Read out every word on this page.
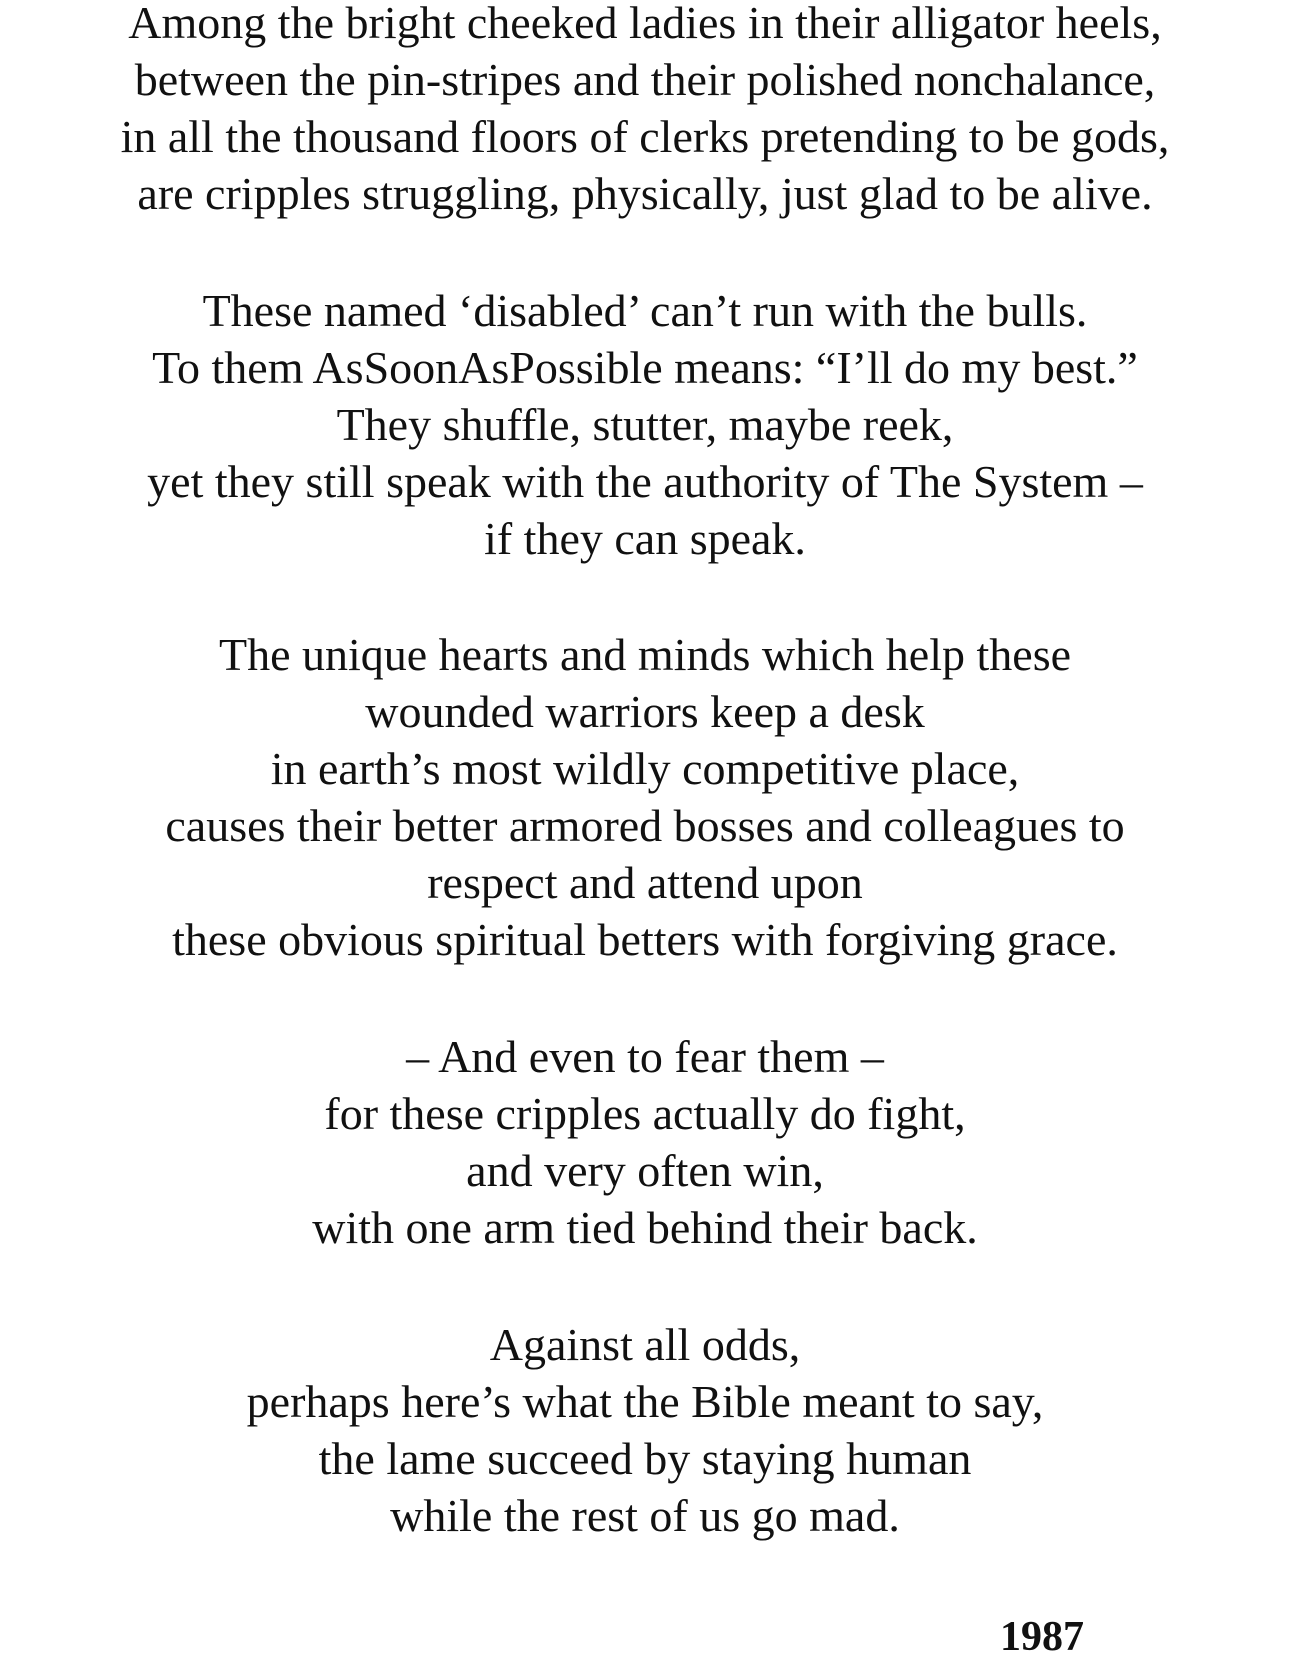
Among the bright cheeked ladies in their alligator heels,
between the pin-stripes and their polished nonchalance,
in all the thousand floors of clerks pretending to be gods,
are cripples struggling, physically, just glad to be alive.
These named ‘disabled’ can’t run with the bulls.
To them AsSoonAsPossible means: “I’ll do my best.”
They shuffle, stutter, maybe reek,
yet they still speak with the authority of The System –
if they can speak.
The unique hearts and minds which help these
wounded warriors keep a desk
in earth’s most wildly competitive place,
causes their better armored bosses and colleagues to
respect and attend upon
these obvious spiritual betters with forgiving grace.
– And even to fear them –
for these cripples actually do fight,
and very often win,
with one arm tied behind their back.
Against all odds,
perhaps here’s what the Bible meant to say,
the lame succeed by staying human
while the rest of us go mad.
1987
